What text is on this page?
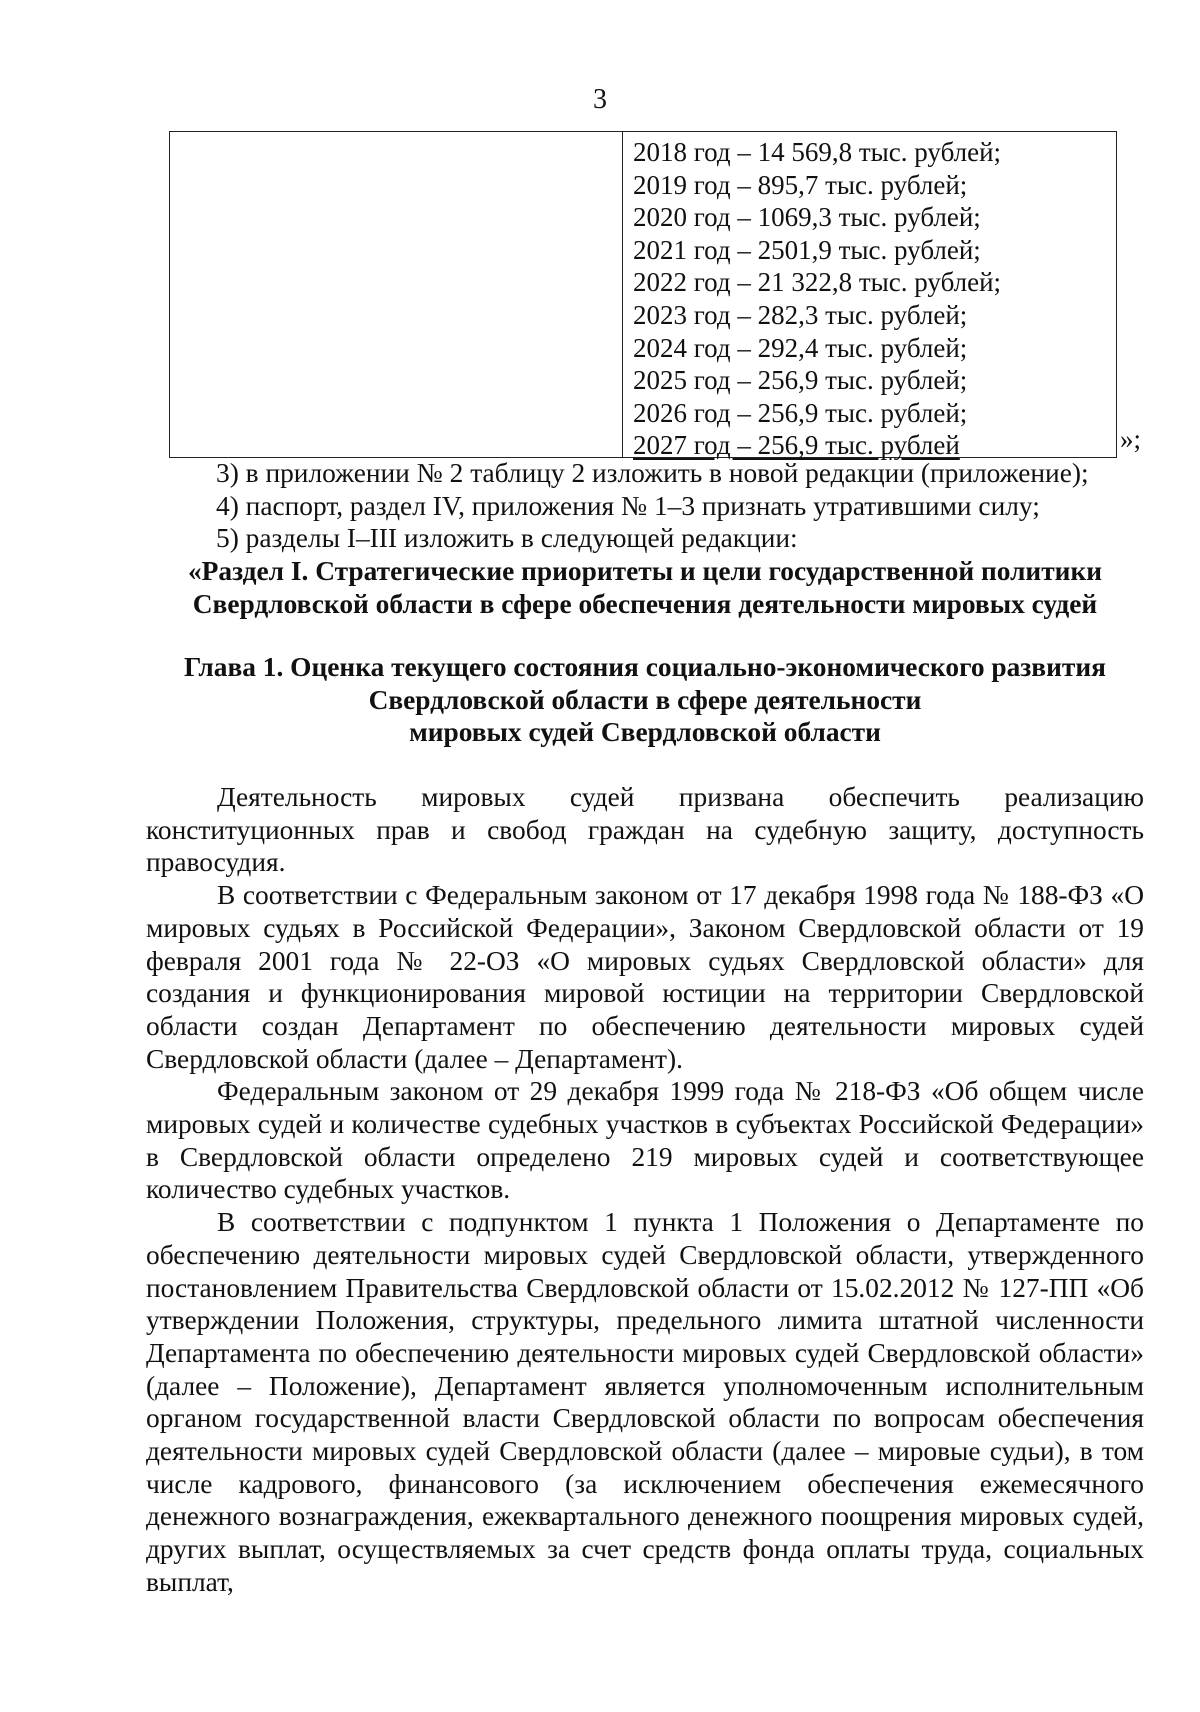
3
2018 год – 14 569,8 тыс. рублей;
2019 год – 895,7 тыс. рублей;
2020 год – 1069,3 тыс. рублей;
2021 год – 2501,9 тыс. рублей;
2022 год – 21 322,8 тыс. рублей;
2023 год – 282,3 тыс. рублей;
2024 год – 292,4 тыс. рублей;
2025 год – 256,9 тыс. рублей;
2026 год – 256,9 тыс. рублей;
2027 год – 256,9 тыс. рублей	»;

3) в приложении № 2 таблицу 2 изложить в новой редакции (приложение);

4) паспорт, раздел IV, приложения № 1–3 признать утратившими силу;

5) разделы I–III изложить в следующей редакции:

«Раздел I. Стратегические приоритеты и цели государственной политики
Свердловской области в сфере обеспечения деятельности мировых судей
Глава 1. Оценка текущего состояния социально-экономического развития
Свердловской области в сфере деятельности
мировых судей Свердловской области

Деятельность мировых судей призвана обеспечить реализацию конституционных прав и свобод граждан на судебную защиту, доступность правосудия.

В соответствии с Федеральным законом от 17 декабря 1998 года № 188-ФЗ «О мировых судьях в Российской Федерации», Законом Свердловской области от 19 февраля 2001 года № 22-ОЗ «О мировых судьях Свердловской области» для создания и функционирования мировой юстиции на территории Свердловской области создан Департамент по обеспечению деятельности мировых судей Свердловской области (далее – Департамент).

Федеральным законом от 29 декабря 1999 года № 218-ФЗ «Об общем числе мировых судей и количестве судебных участков в субъектах Российской Федерации» в Свердловской области определено 219 мировых судей и соответствующее количество судебных участков.

В соответствии с подпунктом 1 пункта 1 Положения о Департаменте по обеспечению деятельности мировых судей Свердловской области, утвержденного постановлением Правительства Свердловской области от 15.02.2012 № 127-ПП «Об утверждении Положения, структуры, предельного лимита штатной численности Департамента по обеспечению деятельности мировых судей Свердловской области» (далее – Положение), Департамент является уполномоченным исполнительным органом государственной власти Свердловской области по вопросам обеспечения деятельности мировых судей Свердловской области (далее – мировые судьи), в том числе кадрового, финансового (за исключением обеспечения ежемесячного денежного вознаграждения, ежеквартального денежного поощрения мировых судей, других выплат, осуществляемых за счет средств фонда оплаты труда, социальных выплат,
